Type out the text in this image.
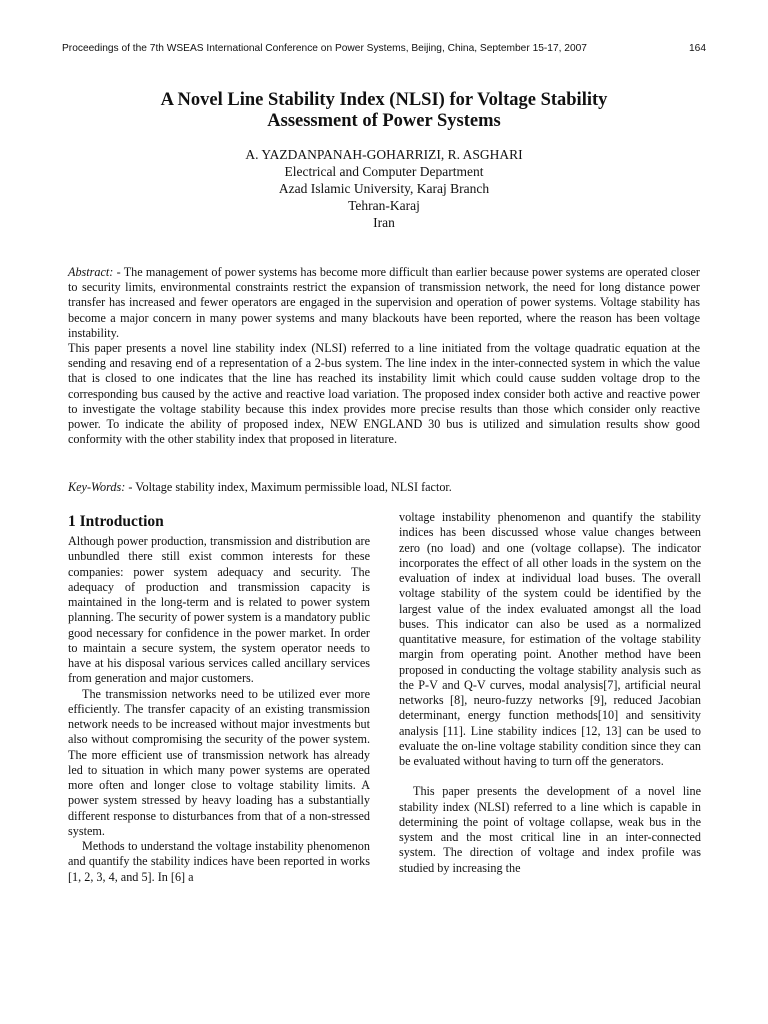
Proceedings of the 7th WSEAS International Conference on Power Systems, Beijing, China, September 15-17, 2007	164
A Novel Line Stability Index (NLSI) for Voltage Stability
Assessment of Power Systems
A. YAZDANPANAH-GOHARRIZI, R. ASGHARI
Electrical and Computer Department
Azad Islamic University, Karaj Branch
Tehran-Karaj
Iran

Abstract: - The management of power systems has become more difficult than earlier because power systems are operated closer to security limits, environmental constraints restrict the expansion of transmission network, the need for long distance power transfer has increased and fewer operators are engaged in the supervision and operation of power systems. Voltage stability has become a major concern in many power systems and many blackouts have been reported, where the reason has been voltage instability.

This paper presents a novel line stability index (NLSI) referred to a line initiated from the voltage quadratic equation at the sending and resaving end of a representation of a 2-bus system. The line index in the inter-connected system in which the value that is closed to one indicates that the line has reached its instability limit which could cause sudden voltage drop to the corresponding bus caused by the active and reactive load variation. The proposed index consider both active and reactive power to investigate the voltage stability because this index provides more precise results than those which consider only reactive power. To indicate the ability of proposed index, NEW ENGLAND 30 bus is utilized and simulation results show good conformity with the other stability index that proposed in literature.

Key-Words: - Voltage stability index, Maximum permissible load, NLSI factor.
1 Introduction

Although power production, transmission and distribution are unbundled there still exist common interests for these companies: power system adequacy and security. The adequacy of production and transmission capacity is maintained in the long-term and is related to power system planning. The security of power system is a mandatory public good necessary for confidence in the power market. In order to maintain a secure system, the system operator needs to have at his disposal various services called ancillary services from generation and major customers.

The transmission networks need to be utilized ever more efficiently. The transfer capacity of an existing transmission network needs to be increased without major investments but also without compromising the security of the power system. The more efficient use of transmission network has already led to situation in which many power systems are operated more often and longer close to voltage stability limits. A power system stressed by heavy loading has a substantially different response to disturbances from that of a non-stressed system.

Methods to understand the voltage instability phenomenon and quantify the stability indices have been reported in works [1, 2, 3, 4, and 5]. In [6] a

voltage instability phenomenon and quantify the stability indices has been discussed whose value changes between zero (no load) and one (voltage collapse). The indicator incorporates the effect of all other loads in the system on the evaluation of index at individual load buses. The overall voltage stability of the system could be identified by the largest value of the index evaluated amongst all the load buses. This indicator can also be used as a normalized quantitative measure, for estimation of the voltage stability margin from operating point. Another method have been proposed in conducting the voltage stability analysis such as the P-V and Q-V curves, modal analysis[7], artificial neural networks [8], neuro-fuzzy networks [9], reduced Jacobian determinant, energy function methods[10] and sensitivity analysis [11]. Line stability indices [12, 13] can be used to evaluate the on-line voltage stability condition since they can be evaluated without having to turn off the generators.

This paper presents the development of a novel line stability index (NLSI) referred to a line which is capable in determining the point of voltage collapse, weak bus in the system and the most critical line in an inter-connected system. The direction of voltage and index profile was studied by increasing the
